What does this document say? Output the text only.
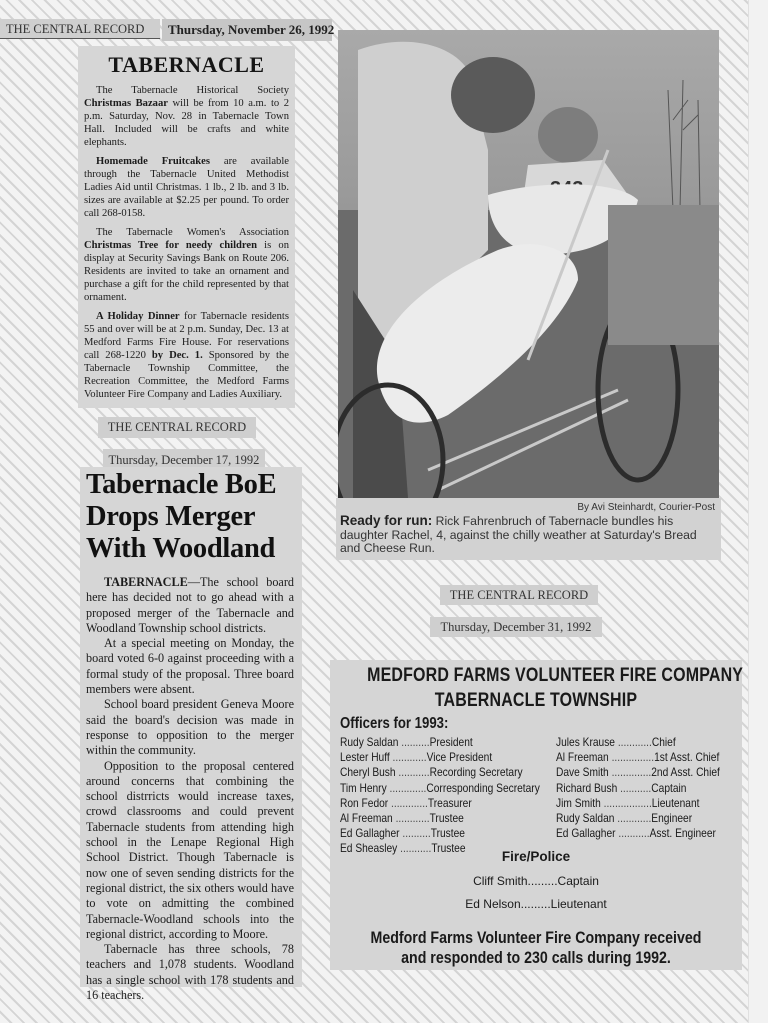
THE CENTRAL RECORD	Thursday, November 26, 1992
TABERNACLE

The Tabernacle Historical Society Christmas Bazaar will be from 10 a.m. to 2 p.m. Saturday, Nov. 28 in Tabernacle Town Hall. Included will be crafts and white elephants.

Homemade Fruitcakes are available through the Tabernacle United Methodist Ladies Aid until Christmas. 1 lb., 2 lb. and 3 lb. sizes are available at $2.25 per pound. To order call 268-0158.

The Tabernacle Women's Association Christmas Tree for needy children is on display at Security Savings Bank on Route 206. Residents are invited to take an ornament and purchase a gift for the child represented by that ornament.

A Holiday Dinner for Tabernacle residents 55 and over will be at 2 p.m. Sunday, Dec. 13 at Medford Farms Fire House. For reservations call 268-1220 by Dec. 1. Sponsored by the Tabernacle Township Committee, the Recreation Committee, the Medford Farms Volunteer Fire Company and Ladies Auxiliary.

THE CENTRAL RECORD
Thursday, December 17, 1992
Tabernacle BoE Drops Merger With Woodland

TABERNACLE—The school board here has decided not to go ahead with a proposed merger of the Tabernacle and Woodland Township school districts.

At a special meeting on Monday, the board voted 6-0 against proceeding with a formal study of the proposal. Three board members were absent.

School board president Geneva Moore said the board's decision was made in response to opposition to the merger within the community.

Opposition to the proposal centered around concerns that combining the school distrricts would increase taxes, crowd classrooms and could prevent Tabernacle students from attending high school in the Lenape Regional High School District. Though Tabernacle is now one of seven sending districts for the regional district, the six others would have to vote on admitting the combined Tabernacle-Woodland schools into the regional district, according to Moore.

Tabernacle has three schools, 78 teachers and 1,078 students. Woodland has a single school with 178 students and 16 teachers.

By Avi Steinhardt, Courier-Post
Ready for run: Rick Fahrenbruch of Tabernacle bundles his daughter Rachel, 4, against the chilly weather at Saturday's Bread and Cheese Run.
THE CENTRAL RECORD
Thursday, December 31, 1992
MEDFORD FARMS VOLUNTEER FIRE COMPANY
TABERNACLE TOWNSHIP
Officers for 1993:
Rudy Saldan ..........President
Lester Huff ............Vice President
Cheryl Bush ...........Recording Secretary
Tim Henry .............Corresponding Secretary
Ron Fedor .............Treasurer
Al Freeman ............Trustee
Ed Gallagher ..........Trustee
Ed Sheasley ...........Trustee
Jules Krause ............Chief
Al Freeman ...............1st Asst. Chief
Dave Smith ..............2nd Asst. Chief
Richard Bush ...........Captain
Jim Smith .................Lieutenant
Rudy Saldan ............Engineer
Ed Gallagher ...........Asst. Engineer
Fire/Police
Cliff Smith.........Captain
Ed Nelson.........Lieutenant
Medford Farms Volunteer Fire Company received and responded to 230 calls during 1992.
